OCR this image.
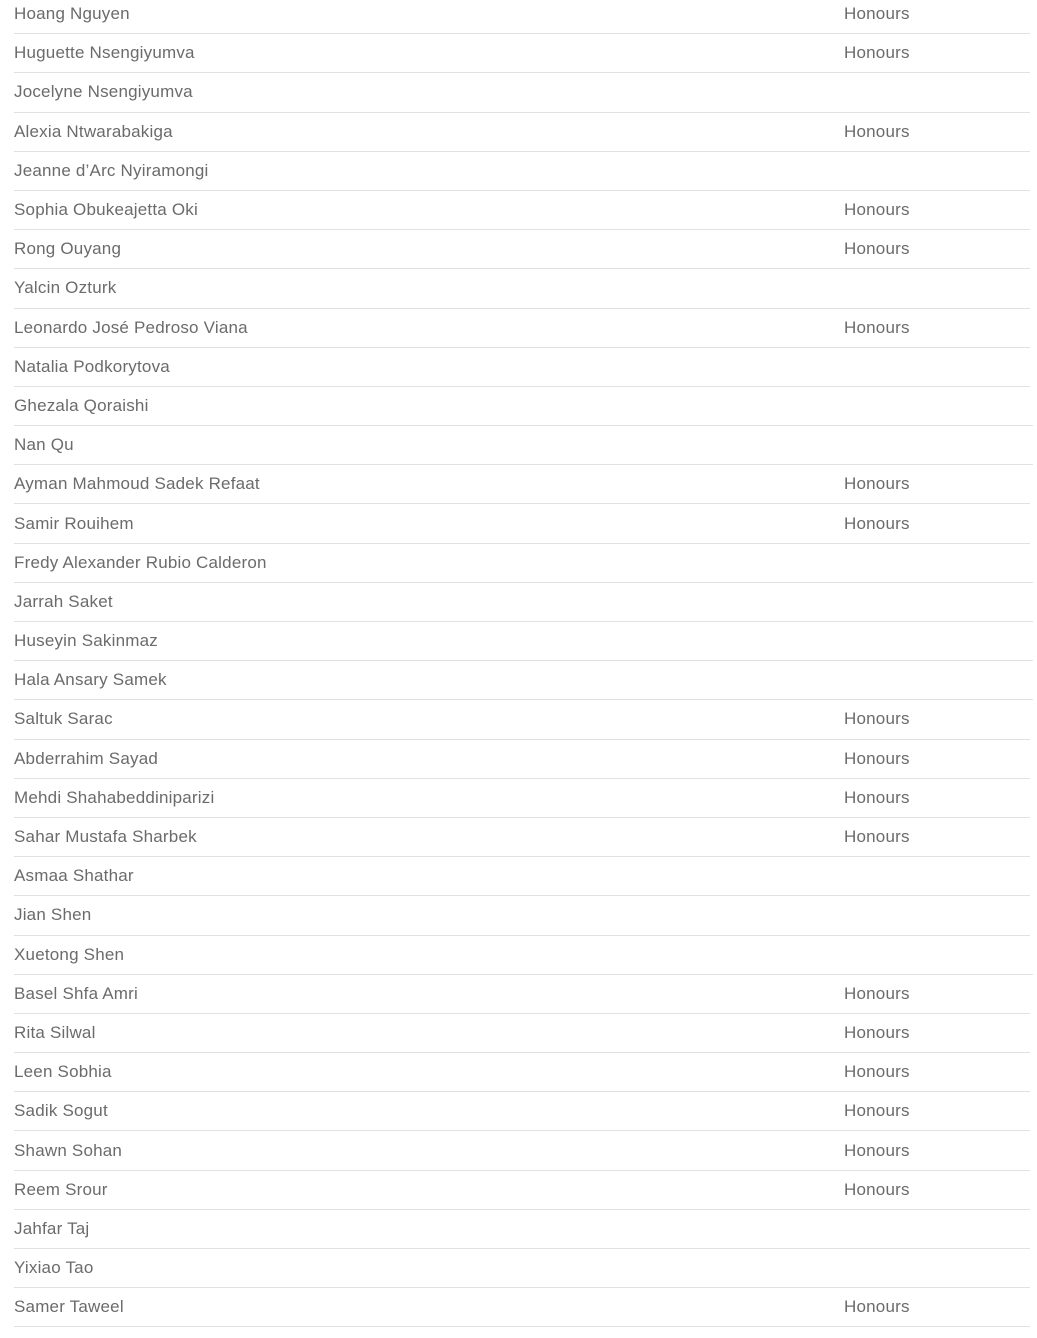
Hoang Nguyen	Honours
Huguette Nsengiyumva	Honours
Jocelyne Nsengiyumva
Alexia Ntwarabakiga	Honours
Jeanne d’Arc Nyiramongi
Sophia Obukeajetta Oki	Honours
Rong Ouyang	Honours
Yalcin Ozturk
Leonardo José Pedroso Viana	Honours
Natalia Podkorytova
Ghezala Qoraishi
Nan Qu
Ayman Mahmoud Sadek Refaat	Honours
Samir Rouihem	Honours
Fredy Alexander Rubio Calderon
Jarrah Saket
Huseyin Sakinmaz
Hala Ansary Samek
Saltuk Sarac	Honours
Abderrahim Sayad	Honours
Mehdi Shahabeddiniparizi	Honours
Sahar Mustafa Sharbek	Honours
Asmaa Shathar
Jian Shen
Xuetong Shen
Basel Shfa Amri	Honours
Rita Silwal	Honours
Leen Sobhia	Honours
Sadik Sogut	Honours
Shawn Sohan	Honours
Reem Srour	Honours
Jahfar Taj
Yixiao Tao
Samer Taweel	Honours
